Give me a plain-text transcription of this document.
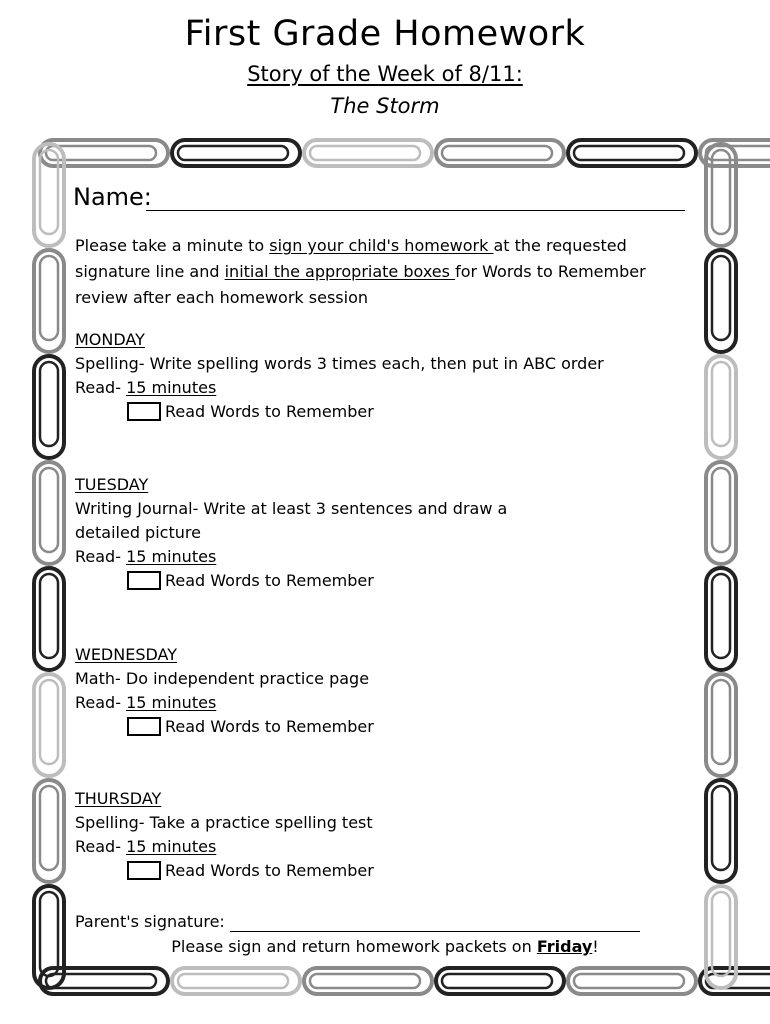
First Grade Homework
Story of the Week of 8/11:
The Storm
Name:
Please take a minute to sign your child's homework at the requested signature line and initial the appropriate boxes for Words to Remember review after each homework session
MONDAY
Spelling- Write spelling words 3 times each, then put in ABC order
Read- 15 minutes
Read Words to Remember
TUESDAY
Writing Journal- Write at least 3 sentences and draw a
detailed picture
Read- 15 minutes
Read Words to Remember
WEDNESDAY
Math- Do independent practice page
Read- 15 minutes
Read Words to Remember
THURSDAY
Spelling- Take a practice spelling test
Read- 15 minutes
Read Words to Remember
Parent's signature:
Please sign and return homework packets on Friday!
